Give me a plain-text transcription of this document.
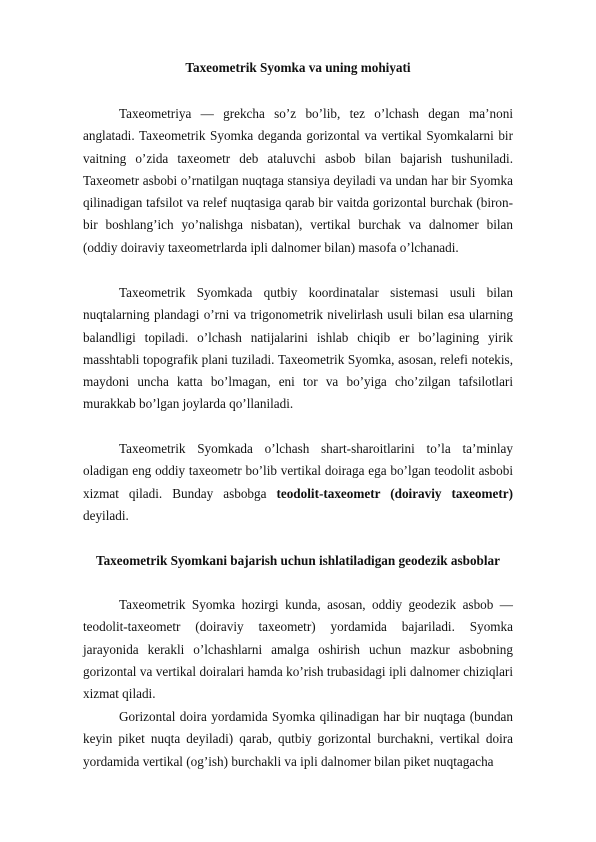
Taxeometrik Syomka va uning mohiyati

Taxeometriya — grekcha so’z bo’lib, tez o’lchash degan ma’noni anglatadi. Taxeometrik Syomka deganda gorizontal va vertikal Syomkalarni bir vaitning o’zida taxeometr deb ataluvchi asbob bilan bajarish tushuniladi. Taxeometr asbobi o’rnatilgan nuqtaga stansiya deyiladi va undan har bir Syomka qilinadigan tafsilot va relef nuqtasiga qarab bir vaitda gorizontal burchak (biron-bir boshlang’ich yo’nalishga nisbatan), vertikal burchak va dalnomer bilan (oddiy doiraviy taxeometrlarda ipli dalnomer bilan) masofa o’lchanadi.

Taxeometrik Syomkada qutbiy koordinatalar sistemasi usuli bilan nuqtalarning plandagi o’rni va trigonometrik nivelirlash usuli bilan esa ularning balandligi topiladi. o’lchash natijalarini ishlab chiqib er bo’lagining yirik masshtabli topografik plani tuziladi. Taxeometrik Syomka, asosan, relefi notekis, maydoni uncha katta bo’lmagan, eni tor va bo’yiga cho’zilgan tafsilotlari murakkab bo’lgan joylarda qo’llaniladi.

Taxeometrik Syomkada o’lchash shart-sharoitlarini to’la ta’minlay oladigan eng oddiy taxeometr bo’lib vertikal doiraga ega bo’lgan teodolit asbobi xizmat qiladi. Bunday asbobga teodolit-taxeometr (doiraviy taxeometr) deyiladi.

Taxeometrik Syomkani bajarish uchun ishlatiladigan geodezik asboblar

Taxeometrik Syomka hozirgi kunda, asosan, oddiy geodezik asbob — teodolit-taxeometr (doiraviy taxeometr) yordamida bajariladi. Syomka jarayonida kerakli o’lchashlarni amalga oshirish uchun mazkur asbobning gorizontal va vertikal doiralari hamda ko’rish trubasidagi ipli dalnomer chiziqlari xizmat qiladi.

Gorizontal doira yordamida Syomka qilinadigan har bir nuqtaga (bundan keyin piket nuqta deyiladi) qarab, qutbiy gorizontal burchakni, vertikal doira yordamida vertikal (og’ish) burchakli va ipli dalnomer bilan piket nuqtagacha
